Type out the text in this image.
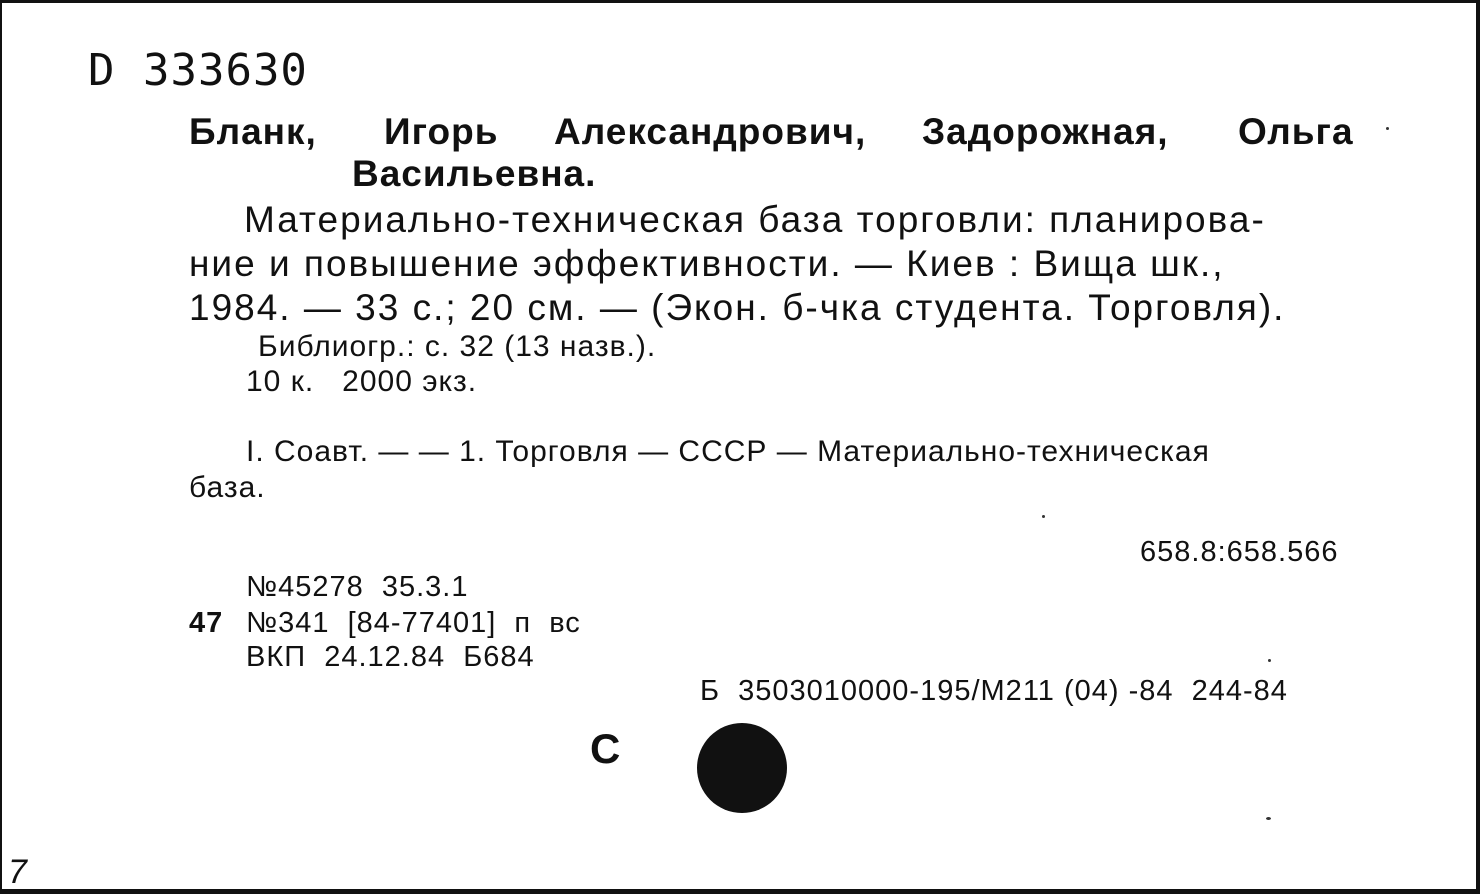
D 333630
Бланк, Игорь Александрович, Задорожная, Ольга
Васильевна.
Материально-техническая база торговли: планирова-
ние и повышение эффективности. — Киев : Вища шк.,
1984. — 33 с.; 20 см. — (Экон. б-чка студента. Торговля).
Библиогр.: с. 32 (13 назв.).
10 к.   2000 экз.
I. Соавт. — — 1. Торговля — СССР — Материально-техническая
база.
658.8:658.566
№45278  35.3.1
47 №341  [84-77401]  п  вс
ВКП  24.12.84  Б684
Б  3503010000-195/М211 (04) -84  244-84
С
7
